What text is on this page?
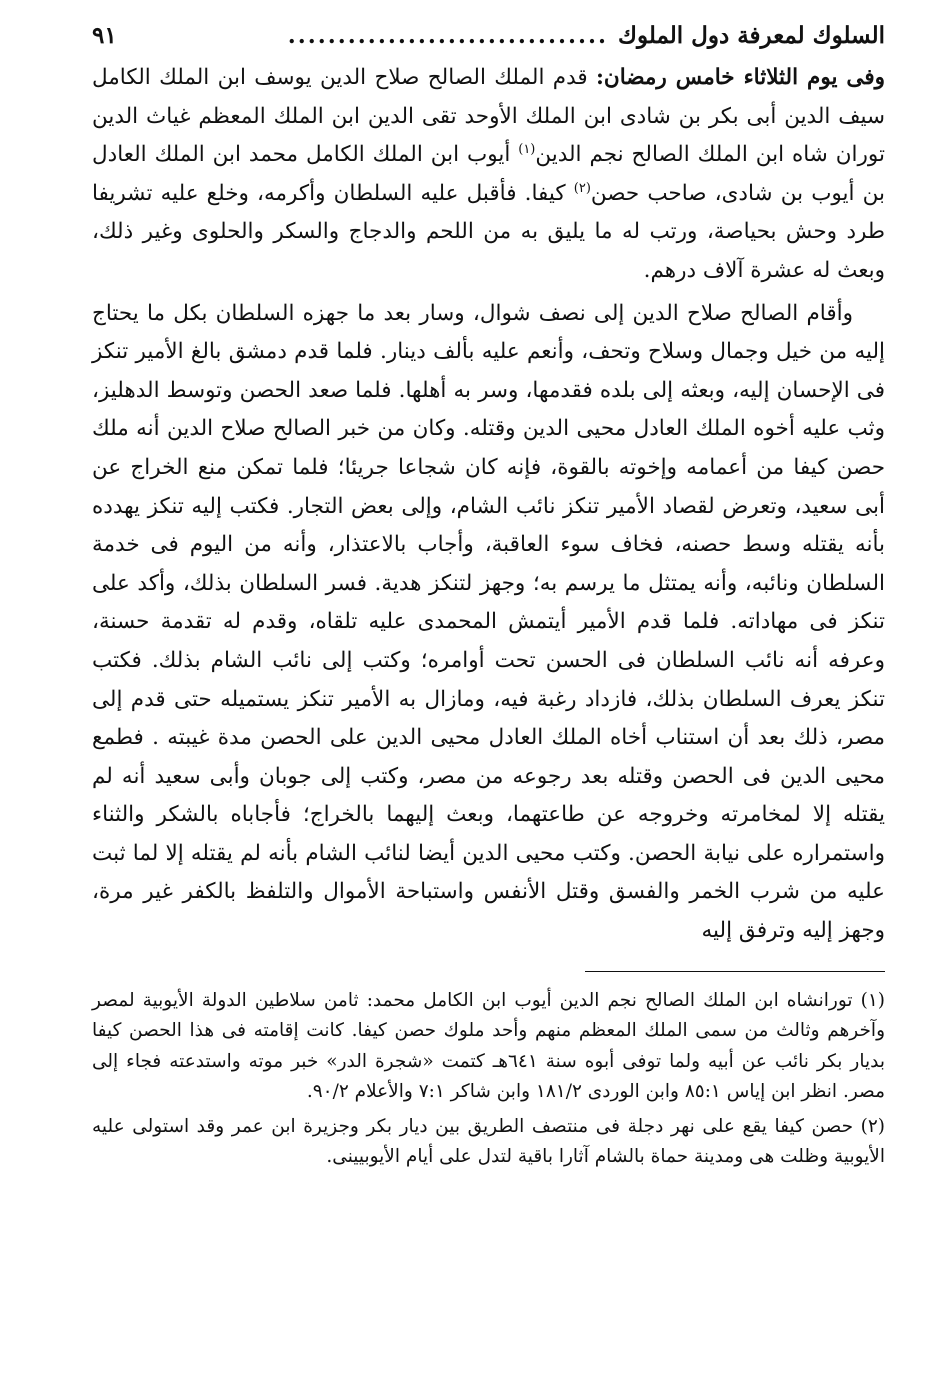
السلوك لمعرفة دول الملوك
................................
٩١

وفى يوم الثلاثاء خامس رمضان: قدم الملك الصالح صلاح الدين يوسف ابن الملك الكامل سيف الدين أبى بكر بن شادى ابن الملك الأوحد تقى الدين ابن الملك المعظم غياث الدين توران شاه ابن الملك الصالح نجم الدين$^{(١)}$ أيوب ابن الملك الكامل محمد ابن الملك العادل بن أيوب بن شادى، صاحب حصن$^{(٢)}$ كيفا. فأقبل عليه السلطان وأكرمه، وخلع عليه تشريفا طرد وحش بحياصة، ورتب له ما يليق به من اللحم والدجاج والسكر والحلوى وغير ذلك، وبعث له عشرة آلاف درهم.

وأقام الصالح صلاح الدين إلى نصف شوال، وسار بعد ما جهزه السلطان بكل ما يحتاج إليه من خيل وجمال وسلاح وتحف، وأنعم عليه بألف دينار. فلما قدم دمشق بالغ الأمير تنكز فى الإحسان إليه، وبعثه إلى بلده فقدمها، وسر به أهلها. فلما صعد الحصن وتوسط الدهليز، وثب عليه أخوه الملك العادل محيى الدين وقتله. وكان من خبر الصالح صلاح الدين أنه ملك حصن كيفا من أعمامه وإخوته بالقوة، فإنه كان شجاعا جريئا؛ فلما تمكن منع الخراج عن أبى سعيد، وتعرض لقصاد الأمير تنكز نائب الشام، وإلى بعض التجار. فكتب إليه تنكز يهدده بأنه يقتله وسط حصنه، فخاف سوء العاقبة، وأجاب بالاعتذار، وأنه من اليوم فى خدمة السلطان ونائبه، وأنه يمتثل ما يرسم به؛ وجهز لتنكز هدية. فسر السلطان بذلك، وأكد على تنكز فى مهاداته. فلما قدم الأمير أيتمش المحمدى عليه تلقاه، وقدم له تقدمة حسنة، وعرفه أنه نائب السلطان فى الحسن تحت أوامره؛ وكتب إلى نائب الشام بذلك. فكتب تنكز يعرف السلطان بذلك، فازداد رغبة فيه، ومازال به الأمير تنكز يستميله حتى قدم إلى مصر، ذلك بعد أن استناب أخاه الملك العادل محيى الدين على الحصن مدة غيبته . فطمع محيى الدين فى الحصن وقتله بعد رجوعه من مصر، وكتب إلى جوبان وأبى سعيد أنه لم يقتله إلا لمخامرته وخروجه عن طاعتهما، وبعث إليهما بالخراج؛ فأجاباه بالشكر والثناء واستمراره على نيابة الحصن. وكتب محيى الدين أيضا لنائب الشام بأنه لم يقتله إلا لما ثبت عليه من شرب الخمر والفسق وقتل الأنفس واستباحة الأموال والتلفظ بالكفر غير مرة، وجهز إليه وترفق إليه

(١) تورانشاه ابن الملك الصالح نجم الدين أيوب ابن الكامل محمد: ثامن سلاطين الدولة الأيوبية لمصر وآخرهم وثالث من سمى الملك المعظم منهم وأحد ملوك حصن كيفا. كانت إقامته فى هذا الحصن كيفا بديار بكر نائب عن أبيه ولما توفى أبوه سنة ٦٤١هـ كتمت «شجرة الدر» خبر موته واستدعته فجاء إلى مصر. انظر ابن إياس ٨٥:١ وابن الوردى ١٨١/٢ وابن شاكر ٧:١ والأعلام ٩٠/٢.

(٢) حصن كيفا يقع على نهر دجلة فى منتصف الطريق بين ديار بكر وجزيرة ابن عمر وقد استولى عليه الأيوبية وظلت هى ومدينة حماة بالشام آثارا باقية لتدل على أيام الأيوبيينى.
